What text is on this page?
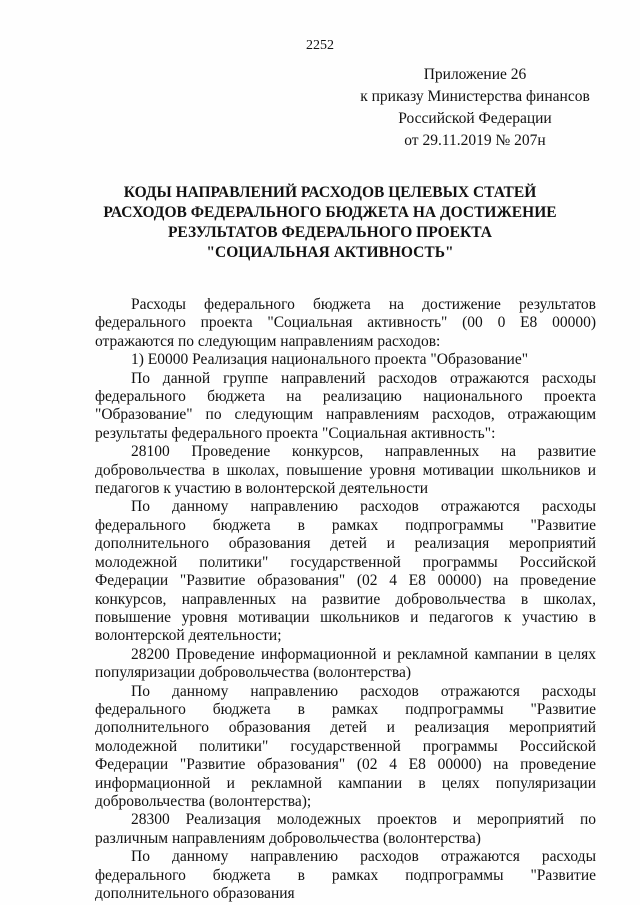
2252
Приложение 26
к приказу Министерства финансов
Российской Федерации
от 29.11.2019 № 207н
КОДЫ НАПРАВЛЕНИЙ РАСХОДОВ ЦЕЛЕВЫХ СТАТЕЙ
РАСХОДОВ ФЕДЕРАЛЬНОГО БЮДЖЕТА НА ДОСТИЖЕНИЕ
РЕЗУЛЬТАТОВ ФЕДЕРАЛЬНОГО ПРОЕКТА
"СОЦИАЛЬНАЯ АКТИВНОСТЬ"

Расходы федерального бюджета на достижение результатов федерального проекта "Социальная активность" (00 0 Е8 00000) отражаются по следующим направлениям расходов:

1) Е0000 Реализация национального проекта "Образование"

По данной группе направлений расходов отражаются расходы федерального бюджета на реализацию национального проекта "Образование" по следующим направлениям расходов, отражающим результаты федерального проекта "Социальная активность":

28100 Проведение конкурсов, направленных на развитие добровольчества в школах, повышение уровня мотивации школьников и педагогов к участию в волонтерской деятельности

По данному направлению расходов отражаются расходы федерального бюджета в рамках подпрограммы "Развитие дополнительного образования детей и реализация мероприятий молодежной политики" государственной программы Российской Федерации "Развитие образования" (02 4 Е8 00000) на проведение конкурсов, направленных на развитие добровольчества в школах, повышение уровня мотивации школьников и педагогов к участию в волонтерской деятельности;

28200 Проведение информационной и рекламной кампании в целях популяризации добровольчества (волонтерства)

По данному направлению расходов отражаются расходы федерального бюджета в рамках подпрограммы "Развитие дополнительного образования детей и реализация мероприятий молодежной политики" государственной программы Российской Федерации "Развитие образования" (02 4 Е8 00000) на проведение информационной и рекламной кампании в целях популяризации добровольчества (волонтерства);

28300 Реализация молодежных проектов и мероприятий по различным направлениям добровольчества (волонтерства)

По данному направлению расходов отражаются расходы федерального бюджета в рамках подпрограммы "Развитие дополнительного образования
